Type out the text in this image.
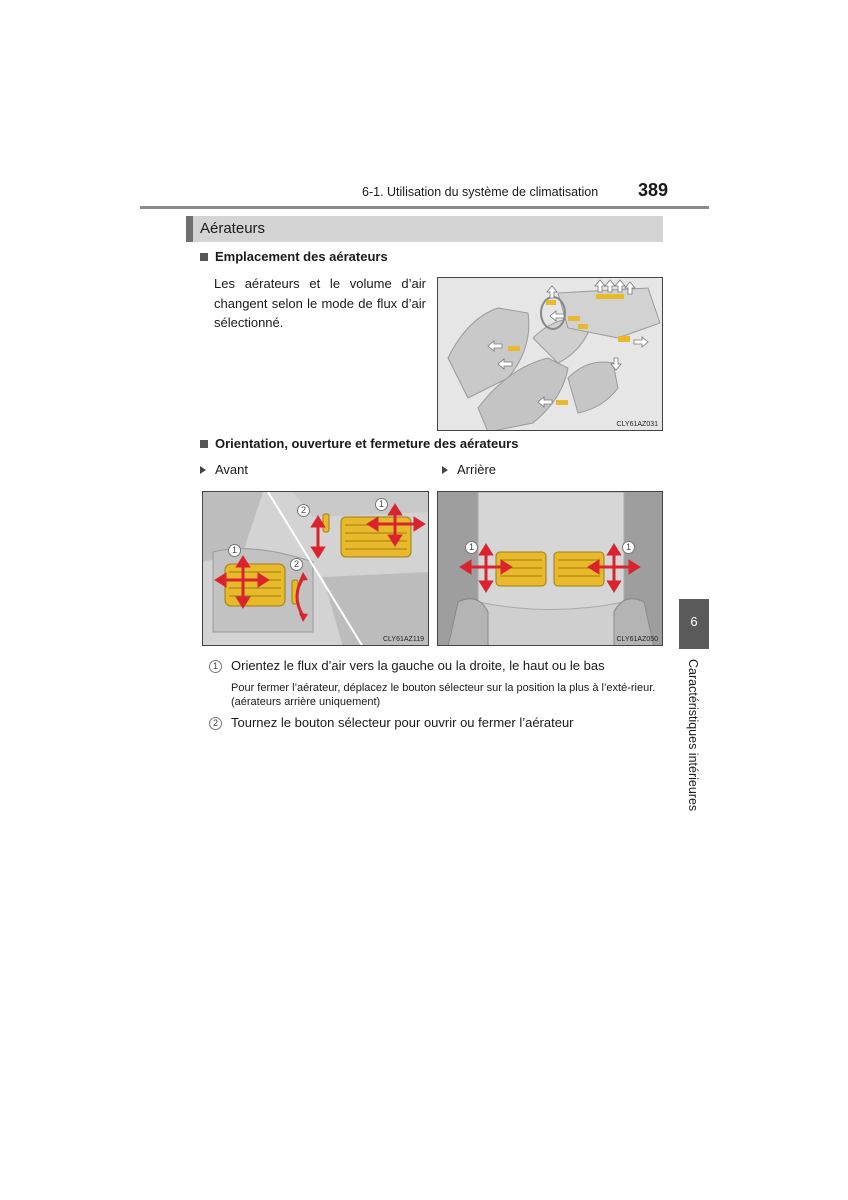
6-1. Utilisation du système de climatisation 389
Aérateurs
Emplacement des aérateurs
Les aérateurs et le volume d’air changent selon le mode de flux d’air sélectionné.
CLY61AZ031
Orientation, ouverture et fermeture des aérateurs
Avant	Arrière
1
2
2
1
CLY61AZ119
1	1
CLY61AZ050
1	Orientez le flux d’air vers la gauche ou la droite, le haut ou le bas
Pour fermer l’aérateur, déplacez le bouton sélecteur sur la position la plus à l’exté-rieur. (aérateurs arrière uniquement)
2	Tournez le bouton sélecteur pour ouvrir ou fermer l’aérateur
6
Caractéristiques intérieures
